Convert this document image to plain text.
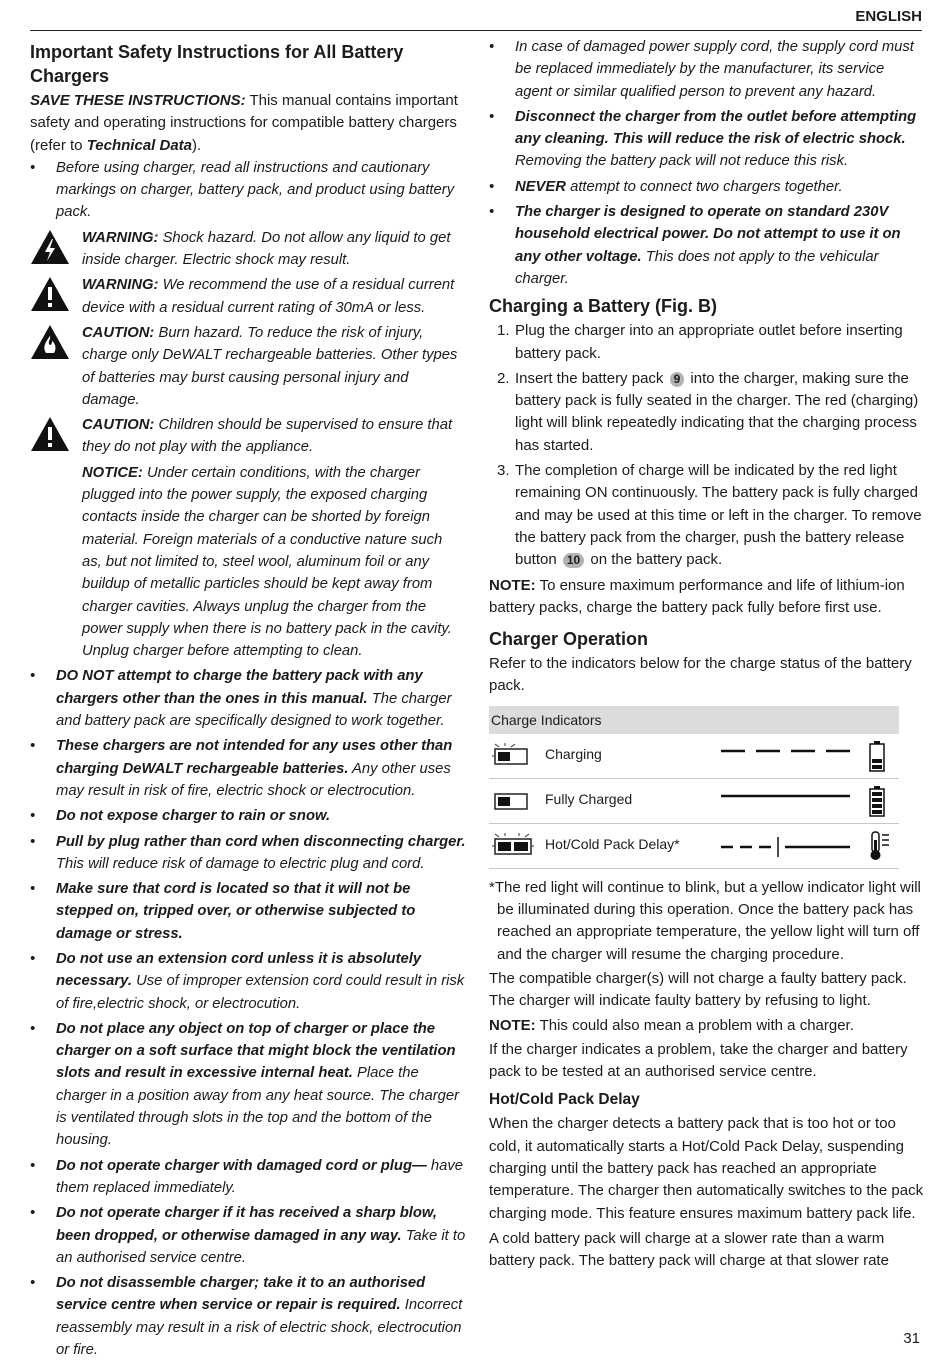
ENGLISH
Important Safety Instructions for All Battery Chargers

SAVE THESE INSTRUCTIONS: This manual contains important safety and operating instructions for compatible battery chargers (refer to Technical Data).

• Before using charger, read all instructions and cautionary markings on charger, battery pack, and product using battery pack.
WARNING: Shock hazard. Do not allow any liquid to get inside charger. Electric shock may result.
WARNING: We recommend the use of a residual current device with a residual current rating of 30mA or less.
CAUTION: Burn hazard. To reduce the risk of injury, charge only DeWALT rechargeable batteries. Other types of batteries may burst causing personal injury and damage.
CAUTION: Children should be supervised to ensure that they do not play with the appliance.
NOTICE: Under certain conditions, with the charger plugged into the power supply, the exposed charging contacts inside the charger can be shorted by foreign material. Foreign materials of a conductive nature such as, but not limited to, steel wool, aluminum foil or any buildup of metallic particles should be kept away from charger cavities. Always unplug the charger from the power supply when there is no battery pack in the cavity. Unplug charger before attempting to clean.
• DO NOT attempt to charge the battery pack with any chargers other than the ones in this manual. The charger and battery pack are specifically designed to work together.
• These chargers are not intended for any uses other than charging DeWALT rechargeable batteries. Any other uses may result in risk of fire, electric shock or electrocution.
• Do not expose charger to rain or snow.
• Pull by plug rather than cord when disconnecting charger. This will reduce risk of damage to electric plug and cord.
• Make sure that cord is located so that it will not be stepped on, tripped over, or otherwise subjected to damage or stress.
• Do not use an extension cord unless it is absolutely necessary. Use of improper extension cord could result in risk of fire,electric shock, or electrocution.
• Do not place any object on top of charger or place the charger on a soft surface that might block the ventilation slots and result in excessive internal heat. Place the charger in a position away from any heat source. The charger is ventilated through slots in the top and the bottom of the housing.
• Do not operate charger with damaged cord or plug— have them replaced immediately.
• Do not operate charger if it has received a sharp blow, been dropped, or otherwise damaged in any way. Take it to an authorised service centre.
• Do not disassemble charger; take it to an authorised service centre when service or repair is required. Incorrect reassembly may result in a risk of electric shock, electrocution or fire.
• In case of damaged power supply cord, the supply cord must be replaced immediately by the manufacturer, its service agent or similar qualified person to prevent any hazard.
• Disconnect the charger from the outlet before attempting any cleaning. This will reduce the risk of electric shock. Removing the battery pack will not reduce this risk.
• NEVER attempt to connect two chargers together.
• The charger is designed to operate on standard 230V household electrical power. Do not attempt to use it on any other voltage. This does not apply to the vehicular charger.
Charging a Battery (Fig. B)
1. Plug the charger into an appropriate outlet before inserting battery pack.
2. Insert the battery pack 9 into the charger, making sure the battery pack is fully seated in the charger. The red (charging) light will blink repeatedly indicating that the charging process has started.
3. The completion of charge will be indicated by the red light remaining ON continuously. The battery pack is fully charged and may be used at this time or left in the charger. To remove the battery pack from the charger, push the battery release button 10 on the battery pack.

NOTE: To ensure maximum performance and life of lithium-ion battery packs, charge the battery pack fully before first use.

Charger Operation

Refer to the indicators below for the charge status of the battery pack.

Charge Indicators
Charging
Fully Charged
Hot/Cold Pack Delay*

*The red light will continue to blink, but a yellow indicator light will be illuminated during this operation. Once the battery pack has reached an appropriate temperature, the yellow light will turn off and the charger will resume the charging procedure.

The compatible charger(s) will not charge a faulty battery pack. The charger will indicate faulty battery by refusing to light.

NOTE: This could also mean a problem with a charger.

If the charger indicates a problem, take the charger and battery pack to be tested at an authorised service centre.

Hot/Cold Pack Delay

When the charger detects a battery pack that is too hot or too cold, it automatically starts a Hot/Cold Pack Delay, suspending charging until the battery pack has reached an appropriate temperature. The charger then automatically switches to the pack charging mode. This feature ensures maximum battery pack life.

A cold battery pack will charge at a slower rate than a warm battery pack. The battery pack will charge at that slower rate

31
